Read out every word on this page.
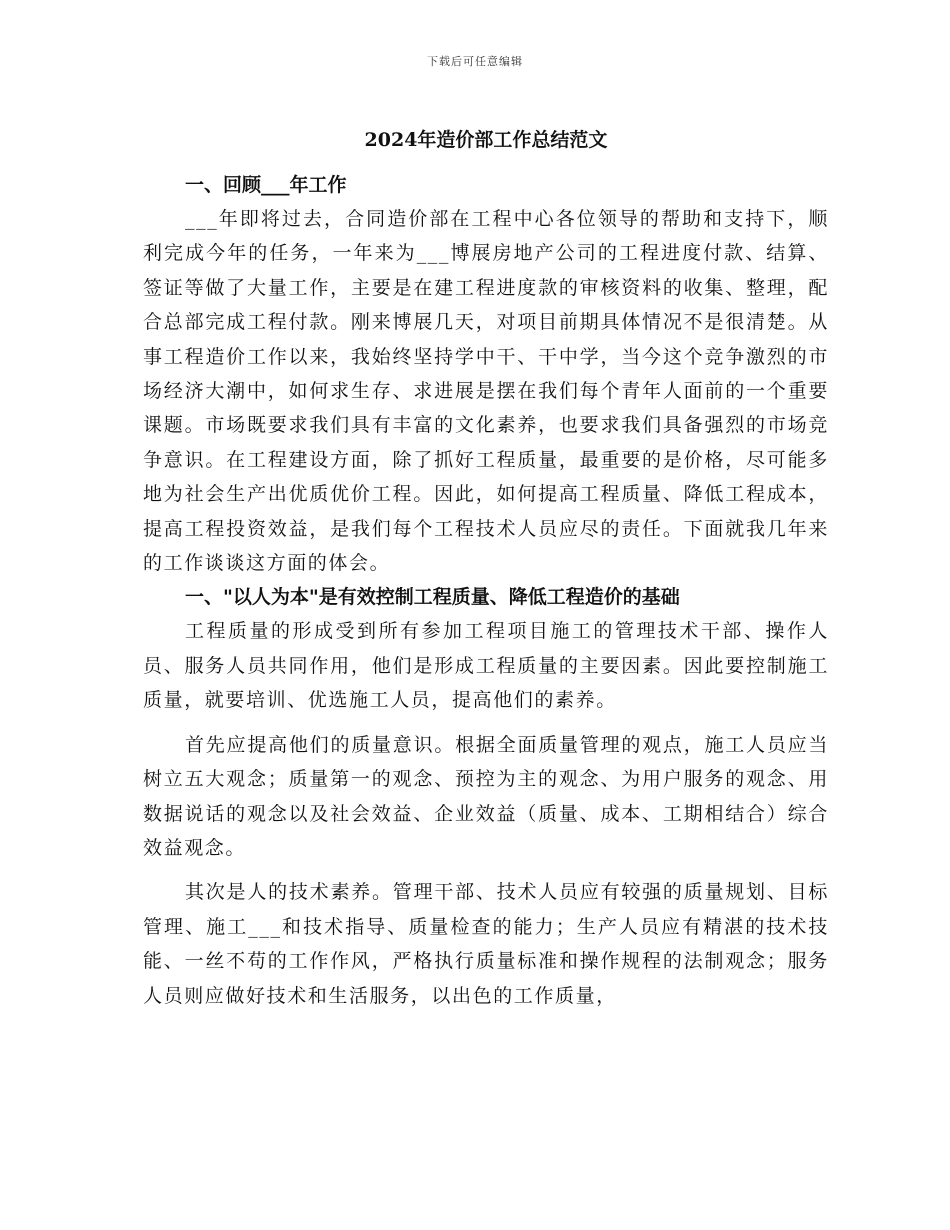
下载后可任意编辑
2024年造价部工作总结范文

一、回顾___年工作

___年即将过去，合同造价部在工程中心各位领导的帮助和支持下，顺利完成今年的任务，一年来为___博展房地产公司的工程进度付款、结算、签证等做了大量工作，主要是在建工程进度款的审核资料的收集、整理，配合总部完成工程付款。刚来博展几天，对项目前期具体情况不是很清楚。从事工程造价工作以来，我始终坚持学中干、干中学，当今这个竞争激烈的市场经济大潮中，如何求生存、求进展是摆在我们每个青年人面前的一个重要课题。市场既要求我们具有丰富的文化素养，也要求我们具备强烈的市场竞争意识。在工程建设方面，除了抓好工程质量，最重要的是价格，尽可能多地为社会生产出优质优价工程。因此，如何提高工程质量、降低工程成本，提高工程投资效益，是我们每个工程技术人员应尽的责任。下面就我几年来的工作谈谈这方面的体会。

一、"以人为本"是有效控制工程质量、降低工程造价的基础

工程质量的形成受到所有参加工程项目施工的管理技术干部、操作人员、服务人员共同作用，他们是形成工程质量的主要因素。因此要控制施工质量，就要培训、优选施工人员，提高他们的素养。

首先应提高他们的质量意识。根据全面质量管理的观点，施工人员应当树立五大观念；质量第一的观念、预控为主的观念、为用户服务的观念、用数据说话的观念以及社会效益、企业效益（质量、成本、工期相结合）综合效益观念。

其次是人的技术素养。管理干部、技术人员应有较强的质量规划、目标管理、施工___和技术指导、质量检查的能力；生产人员应有精湛的技术技能、一丝不苟的工作作风，严格执行质量标准和操作规程的法制观念；服务人员则应做好技术和生活服务，以出色的工作质量，
